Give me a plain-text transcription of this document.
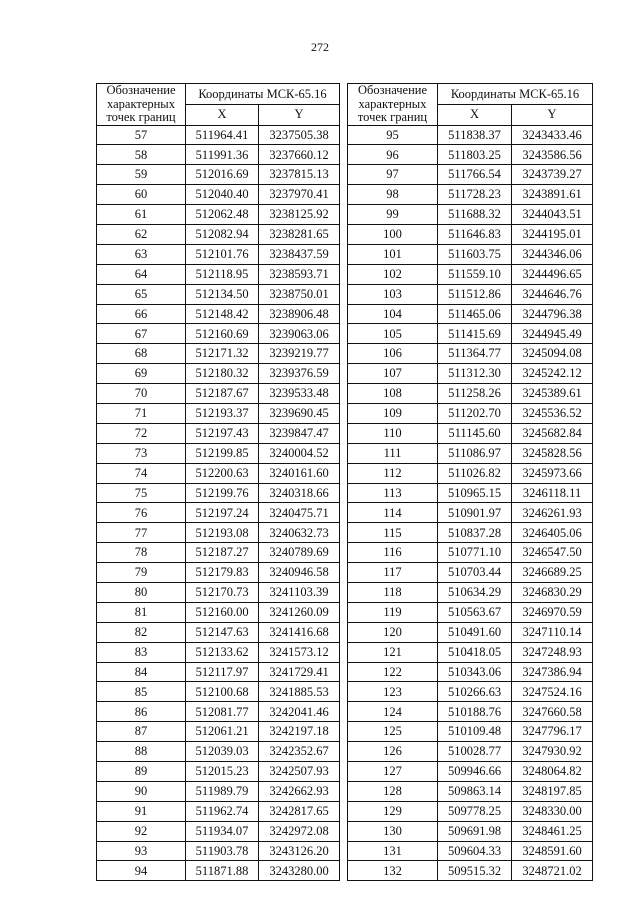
272
Обозначение
характерных
точек границ	Координаты МСК-65.16	
	X	Y
57	511964.41	3237505.38
58	511991.36	3237660.12
59	512016.69	3237815.13
60	512040.40	3237970.41
61	512062.48	3238125.92
62	512082.94	3238281.65
63	512101.76	3238437.59
64	512118.95	3238593.71
65	512134.50	3238750.01
66	512148.42	3238906.48
67	512160.69	3239063.06
68	512171.32	3239219.77
69	512180.32	3239376.59
70	512187.67	3239533.48
71	512193.37	3239690.45
72	512197.43	3239847.47
73	512199.85	3240004.52
74	512200.63	3240161.60
75	512199.76	3240318.66
76	512197.24	3240475.71
77	512193.08	3240632.73
78	512187.27	3240789.69
79	512179.83	3240946.58
80	512170.73	3241103.39
81	512160.00	3241260.09
82	512147.63	3241416.68
83	512133.62	3241573.12
84	512117.97	3241729.41
85	512100.68	3241885.53
86	512081.77	3242041.46
87	512061.21	3242197.18
88	512039.03	3242352.67
89	512015.23	3242507.93
90	511989.79	3242662.93
91	511962.74	3242817.65
92	511934.07	3242972.08
93	511903.78	3243126.20
94	511871.88	3243280.00
Обозначение
характерных
точек границ	Координаты МСК-65.16	
	X	Y
95	511838.37	3243433.46
96	511803.25	3243586.56
97	511766.54	3243739.27
98	511728.23	3243891.61
99	511688.32	3244043.51
100	511646.83	3244195.01
101	511603.75	3244346.06
102	511559.10	3244496.65
103	511512.86	3244646.76
104	511465.06	3244796.38
105	511415.69	3244945.49
106	511364.77	3245094.08
107	511312.30	3245242.12
108	511258.26	3245389.61
109	511202.70	3245536.52
110	511145.60	3245682.84
111	511086.97	3245828.56
112	511026.82	3245973.66
113	510965.15	3246118.11
114	510901.97	3246261.93
115	510837.28	3246405.06
116	510771.10	3246547.50
117	510703.44	3246689.25
118	510634.29	3246830.29
119	510563.67	3246970.59
120	510491.60	3247110.14
121	510418.05	3247248.93
122	510343.06	3247386.94
123	510266.63	3247524.16
124	510188.76	3247660.58
125	510109.48	3247796.17
126	510028.77	3247930.92
127	509946.66	3248064.82
128	509863.14	3248197.85
129	509778.25	3248330.00
130	509691.98	3248461.25
131	509604.33	3248591.60
132	509515.32	3248721.02
